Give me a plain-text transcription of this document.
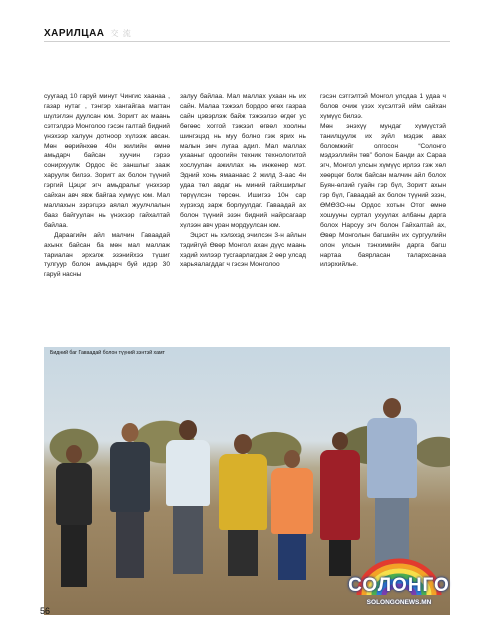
ХАРИЛЦАА 交 流

суугаад 10 гаруй минут Чингис хаанаа , газар нутаг , тэнгэр хангайгаа магтан шүлэглэн дуулсан юм. Зоригт ах маань сэтгэлдээ Монголоо гэсэн галтай бидний үнэхээр халуун дотноор хүлээж авсан. Мөн өөрийнхөө 40н жилийн өмнө амьдарч байсан хуучин гэрээ сонирхуулж Ордос ёс заншлыг зааж харуулж билээ. Зоригт ах болон түүний гэргий Цэцэг эгч амьдралыг үнэхээр сайхан авч явж байгаа хүмүүс юм. Мал маллахын зэрэгцээ аялал жуулчлалын бааз байгуулан нь үнэхээр гайхалтай байлаа.

Дараагийн айл малчин Гаваадай ахынх байсан ба мөн мал маллаж тариалан эрхэлж эзэнийхээ түшиг тулгуур болон амьдарч буй идэр 30 гаруй насны

залуу байлаа. Мал маллах ухаан нь их сайн. Малаа тэжээл бордоо өгөх газраа сайн цэвэрлэж байж тэжээлээ өгдөг ус бөгөөс хоггой тэжээл өгвөл хоолны шингэцэд нь муу болно гэж ярих нь малын эмч лугаа адил. Мал маллах ухааныг одоогийн техник технологитой хослуулан ажиллах нь инженер мэт. Эдний хонь ямаанааc 2 жилд 3-аас 4н удаа төл авдаг нь миний гайхширлыг төрүүлсэн төрсөн. Ишигээ 10н сар хүрэхэд зарж борлуулдаг. Гаваадай ах болон түүний эзэн бидний найрсагаар хүлээн авч уран мордуулсан юм.

Эцэст нь хэлэхэд эчилсэн 3-н айлын тэдийгүй Өвөр Монгол ахан дүүс маань хэдий хилээр тусгаарлагдаж 2 өөр улсад харьяалагддаг ч гэсэн Монголоо

гэсэн сэтгэлтэй Монгол улсдаа 1 удаа ч болов очиж үзэх хүсэлтэй ийм сайхан хүмүүс билээ.

Мөн энэхүү мундаг хүмүүстэй танилцуулж их зүйл мэдэж авах боломжийг олгосон “Солонго мэдээллийн төв” болон Банди ах Сараа эгч, Монгол улсын хүмүүс ирлээ гэж хөл хөөрцөг болж байсан малчин айл болох Буян-өлзий гуайн гэр бүл, Зоригт ахын гэр бүл, Гаваадай ах болон түүний эзэн, ӨМӨЗО-ны Ордос хотын Отог өмнө хошууны суртал ухуулах албаны дарга болох Нарсуу эгч болон Гайхалтай ах, Өвөр Монголын багшийн их сургуулийн олон улсын тэнхимийн дарга багш нартаа баярласан талархсанаа илэрхийлье.

Бидний баг Гаваадай болон түүний зэнтэй хамт
СОЛОНГО
SOLONGONEWS.MN
56
